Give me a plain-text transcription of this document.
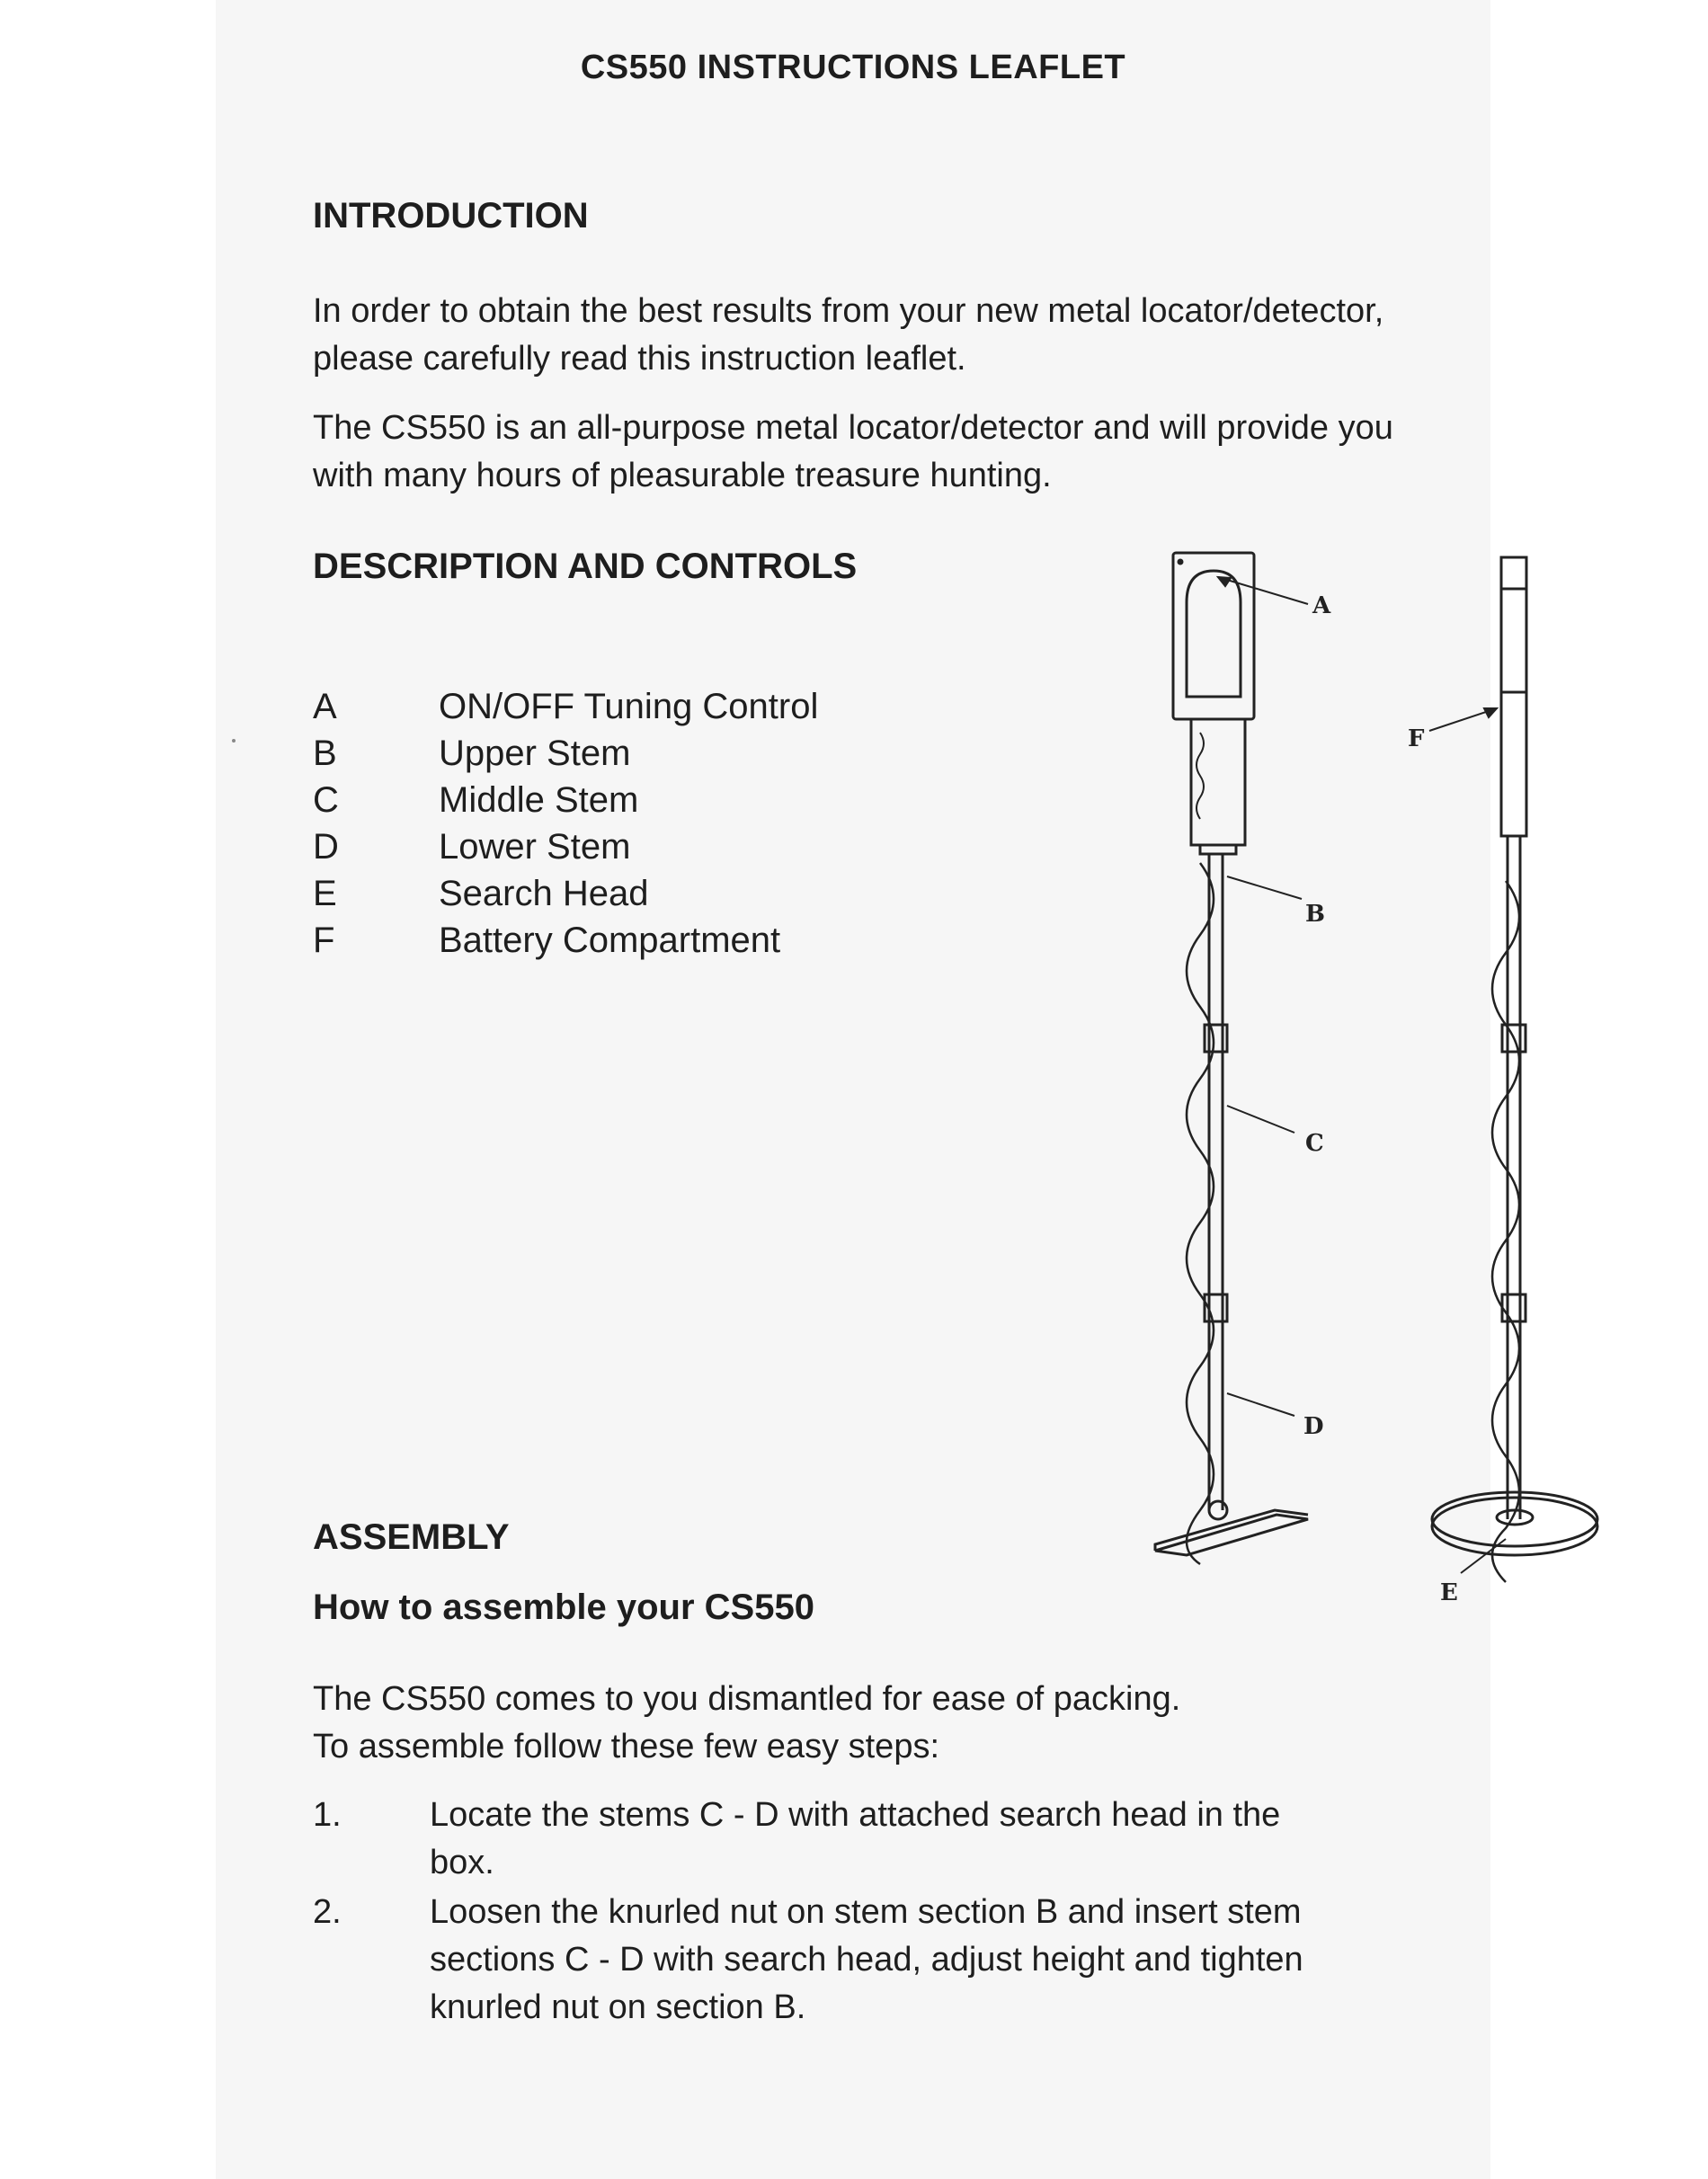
CS550 INSTRUCTIONS LEAFLET
INTRODUCTION

In order to obtain the best results from your new metal locator/detector, please carefully read this instruction leaflet.

The CS550 is an all-purpose metal locator/detector and will provide you with many hours of pleasurable treasure hunting.

DESCRIPTION AND CONTROLS
A	ON/OFF Tuning Control
B	Upper Stem
C	Middle Stem
D	Lower Stem
E	Search Head
F	Battery Compartment
A
B
C
D
E
F
ASSEMBLY
How to assemble your CS550
The CS550 comes to you dismantled for ease of packing.
To assemble follow these few easy steps:
1.	Locate the stems C - D with attached search head in the box.
2.	Loosen the knurled nut on stem section B and insert stem sections C - D with search head, adjust height and tighten knurled nut on section B.
